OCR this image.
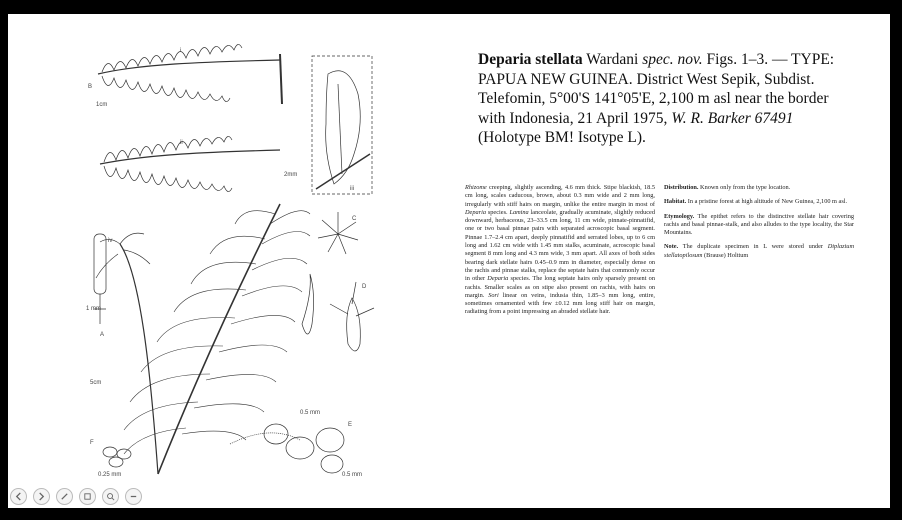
i
B
1cm
ii
2mm
iii
iv
1 mm
C
D
0.5 mm
A
5cm
E
0.5 mm
F
0.25 mm
Deparia stellata Wardani spec. nov. Figs. 1–3. — TYPE: PAPUA NEW GUINEA. District West Sepik, Subdist. Telefomin, 5°00'S 141°05'E, 2,100 m asl near the border with Indonesia, 21 April 1975, W. R. Barker 67491 (Holotype BM! Isotype L).
Rhizome creeping, slightly ascending, 4.6 mm thick. Stipe blackish, 18.5 cm long, scales caducous, brown, about 0.3 mm wide and 2 mm long, irregularly with stiff hairs on margin, unlike the entire margin in most of Deparia species. Lamina lanceolate, gradually acuminate, slightly reduced downward, herbaceous, 23–33.5 cm long, 11 cm wide, pinnate-pinnatifid, one or two basal pinnae pairs with separated acroscopic basal segment. Pinnae 1.7–2.4 cm apart, deeply pinnatifid and serrated lobes, up to 6 cm long and 1.62 cm wide with 1.45 mm stalks, acuminate, acroscopic basal segment 8 mm long and 4.3 mm wide, 3 mm apart. All axes of both sides bearing dark stellate hairs 0.45–0.9 mm in diameter, especially dense on the rachis and pinnae stalks, replace the septate hairs that commonly occur in other Deparia species. The long septate hairs only sparsely present on rachis. Smaller scales as on stipe also present on rachis, with hairs on margin. Sori linear on veins, indusia thin, 1.85–3 mm long, entire, sometimes ornamented with few ±0.12 mm long stiff hair on margin, radiating from a point impressing an abraded stellate hair.

Distribution. Known only from the type location.

Habitat. In a pristine forest at high altitude of New Guinea, 2,100 m asl.

Etymology. The epithet refers to the distinctive stellate hair covering rachis and basal pinnae-stalk, and also alludes to the type locality, the Star Mountains.

Note. The duplicate specimen in L were stored under Diplazium stellatopilosum (Brause) Holttum
